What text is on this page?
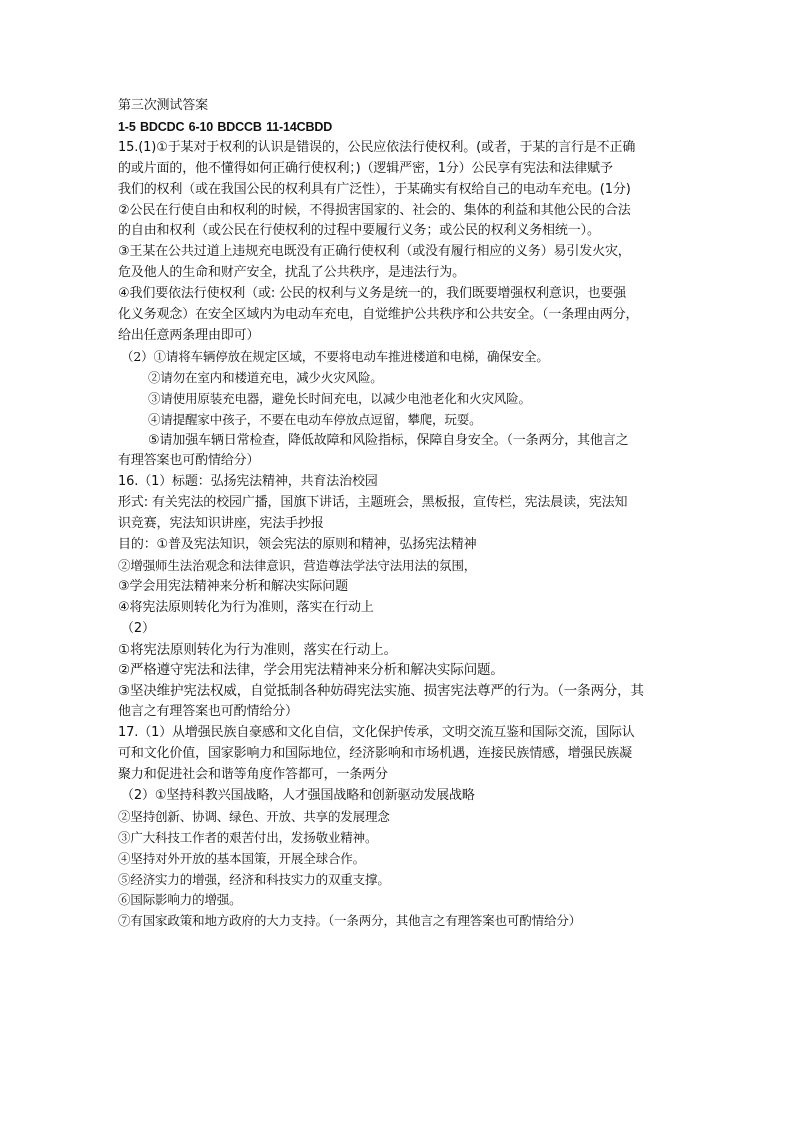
第三次测试答案
1-5 BDCDC 6-10 BDCCB 11-14CBDD
15.(1)①于某对于权利的认识是错误的，公民应依法行使权利。(或者，于某的言行是不正确
的或片面的，他不懂得如何正确行使权利；)（逻辑严密，1分）公民享有宪法和法律赋予
我们的权利（或在我国公民的权利具有广泛性），于某确实有权给自己的电动车充电。(1分)
②公民在行使自由和权利的时候，不得损害国家的、社会的、集体的利益和其他公民的合法
的自由和权利（或公民在行使权利的过程中要履行义务；或公民的权利义务相统一）。
③王某在公共过道上违规充电既没有正确行使权利（或没有履行相应的义务）易引发火灾，
危及他人的生命和财产安全，扰乱了公共秩序，是违法行为。
④我们要依法行使权利（或: 公民的权利与义务是统一的，我们既要增强权利意识，也要强
化义务观念）在安全区域内为电动车充电，自觉维护公共秩序和公共安全。（一条理由两分，
给出任意两条理由即可）
（2）①请将车辆停放在规定区域，不要将电动车推进楼道和电梯，确保安全。
②请勿在室内和楼道充电，减少火灾风险。
③请使用原装充电器，避免长时间充电，以减少电池老化和火灾风险。
④请提醒家中孩子，不要在电动车停放点逗留，攀爬，玩耍。
⑤请加强车辆日常检查，降低故障和风险指标，保障自身安全。（一条两分，其他言之
有理答案也可酌情给分）
16.（1）标题：弘扬宪法精神，共育法治校园
形式: 有关宪法的校园广播，国旗下讲话，主题班会，黑板报，宣传栏，宪法晨读，宪法知
识竞赛，宪法知识讲座，宪法手抄报
目的：①普及宪法知识，领会宪法的原则和精神，弘扬宪法精神
②增强师生法治观念和法律意识，营造尊法学法守法用法的氛围，
③学会用宪法精神来分析和解决实际问题
④将宪法原则转化为行为准则，落实在行动上
（2）
①将宪法原则转化为行为准则，落实在行动上。
②严格遵守宪法和法律，学会用宪法精神来分析和解决实际问题。
③坚决维护宪法权威，自觉抵制各种妨碍宪法实施、损害宪法尊严的行为。（一条两分，其
他言之有理答案也可酌情给分）
17.（1）从增强民族自豪感和文化自信，文化保护传承，文明交流互鉴和国际交流，国际认
可和文化价值，国家影响力和国际地位，经济影响和市场机遇，连接民族情感，增强民族凝
聚力和促进社会和谐等角度作答都可，一条两分
（2）①坚持科教兴国战略，人才强国战略和创新驱动发展战略
②坚持创新、协调、绿色、开放、共享的发展理念
③广大科技工作者的艰苦付出，发扬敬业精神。
④坚持对外开放的基本国策，开展全球合作。
⑤经济实力的增强，经济和科技实力的双重支撑。
⑥国际影响力的增强。
⑦有国家政策和地方政府的大力支持。（一条两分，其他言之有理答案也可酌情给分）
